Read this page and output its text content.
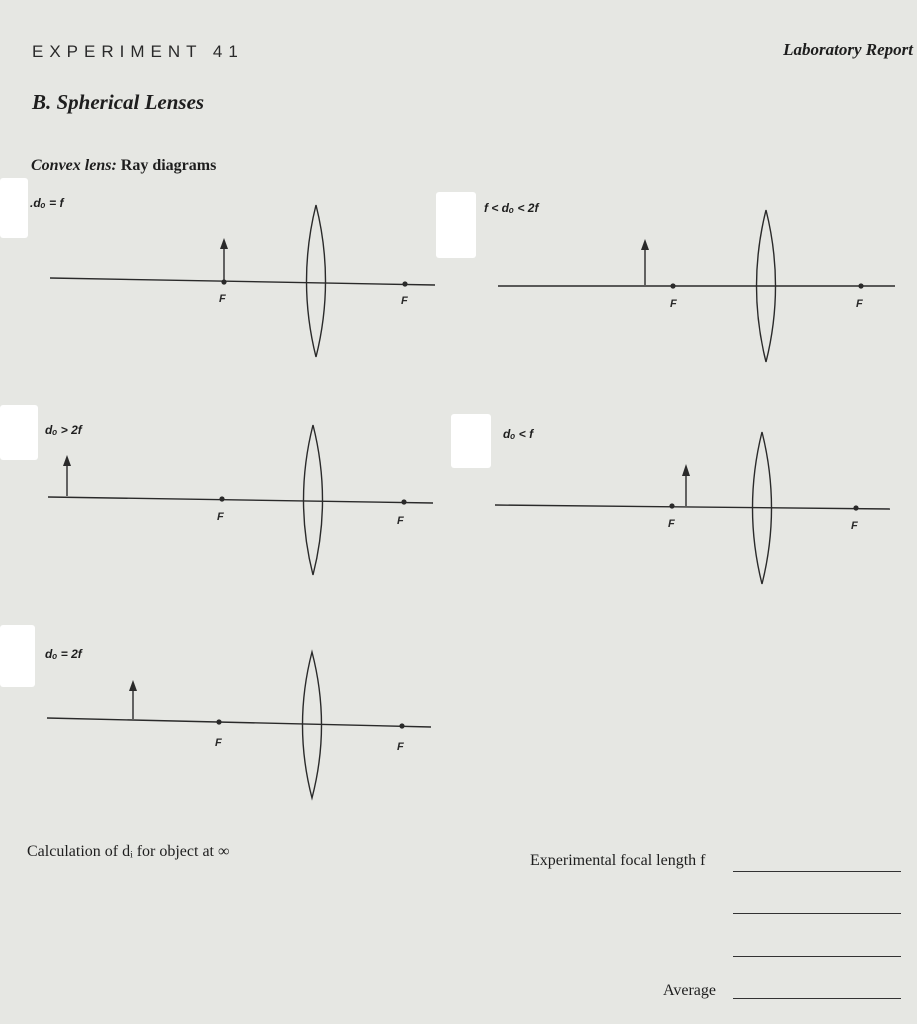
EXPERIMENT 41	Laboratory Report
B. Spherical Lenses
Convex lens: Ray diagrams
.dₒ = f	f < dₒ < 2f
dₒ > 2f	dₒ < f
dₒ = 2f
F	F	F	F
F	F	F	F
F	F
Calculation of dᵢ for object at ∞
Experimental focal length f
Average
